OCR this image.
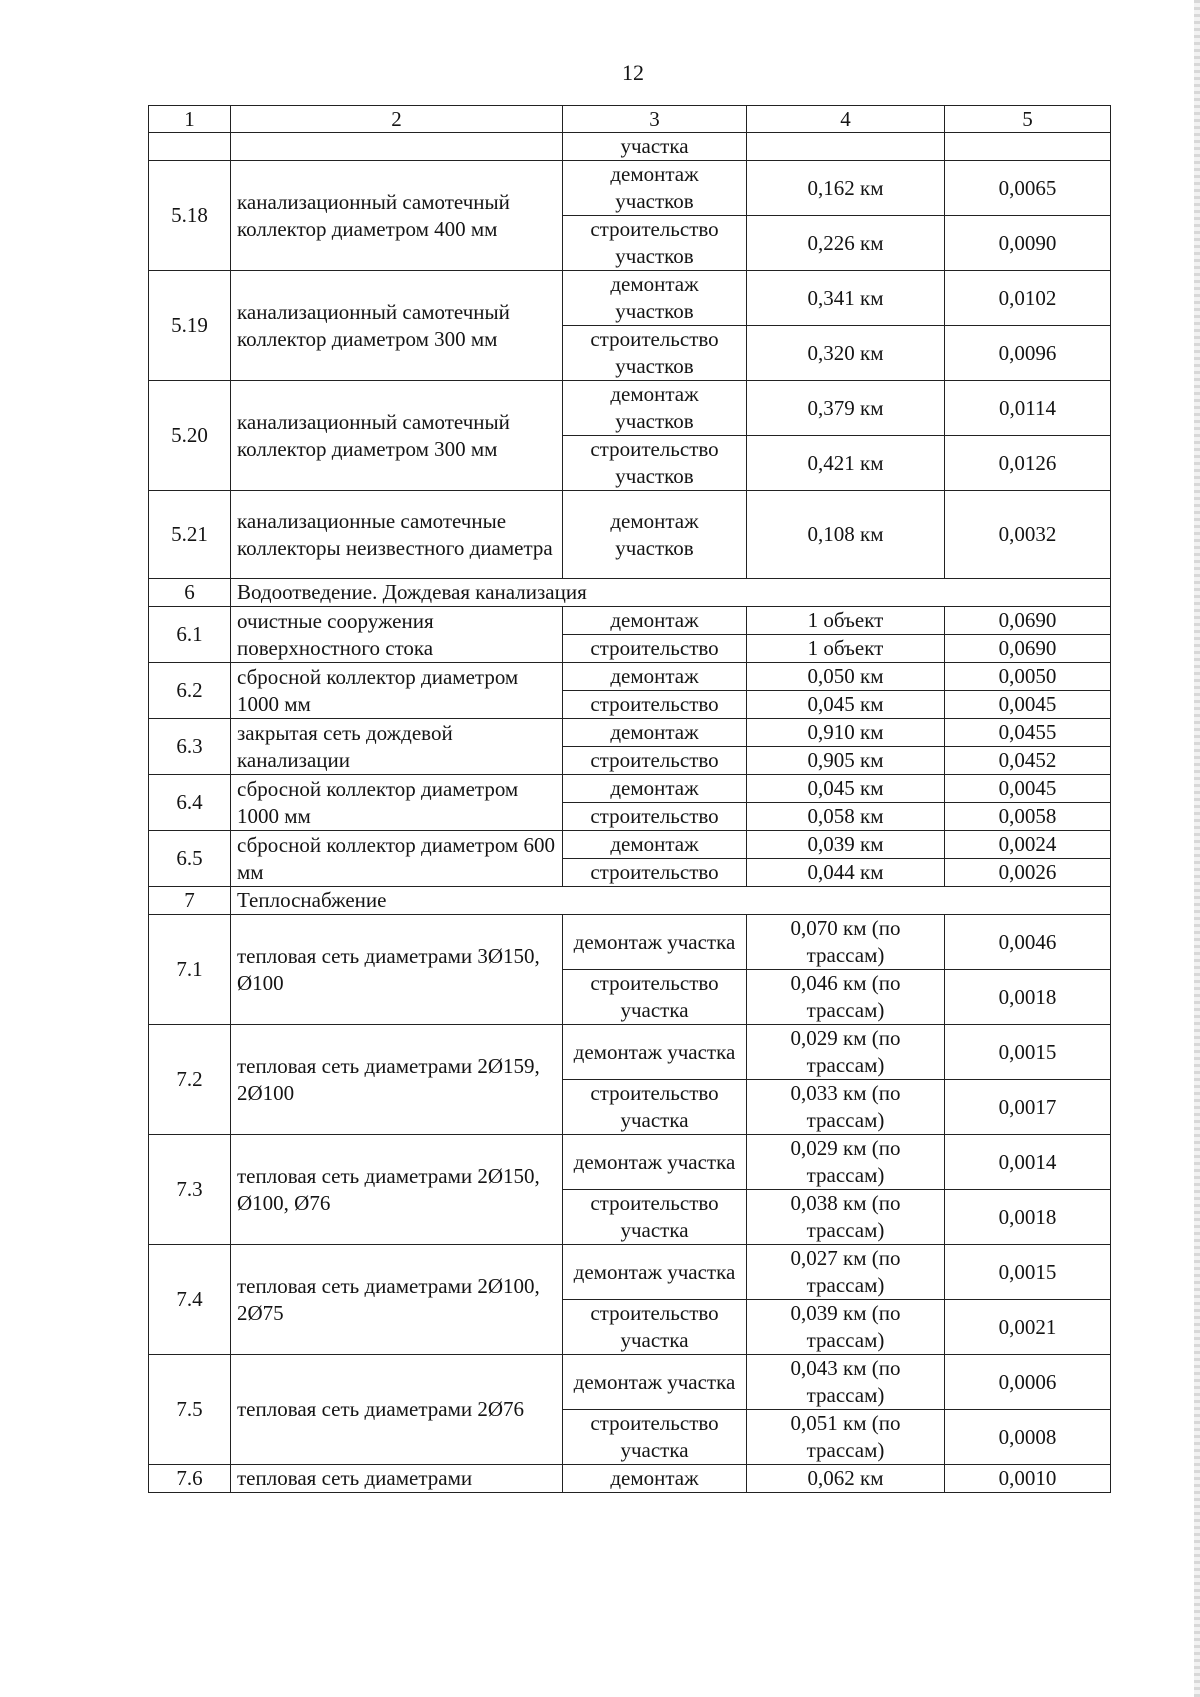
12
1	2	3	4	5
		участка		
5.18	канализационный самотечный коллектор диаметром 400 мм	демонтаж участков	0,162 км	0,0065
		строительство участков	0,226 км	0,0090
5.19	канализационный самотечный коллектор диаметром 300 мм	демонтаж участков	0,341 км	0,0102
		строительство участков	0,320 км	0,0096
5.20	канализационный самотечный коллектор диаметром 300 мм	демонтаж участков	0,379 км	0,0114
		строительство участков	0,421 км	0,0126
5.21	канализационные самотечные коллекторы неизвестного диаметра	демонтаж участков	0,108 км	0,0032
6	Водоотведение. Дождевая канализация			
6.1	очистные сооружения поверхностного стока	демонтаж	1 объект	0,0690
		строительство	1 объект	0,0690
6.2	сбросной коллектор диаметром 1000 мм	демонтаж	0,050 км	0,0050
		строительство	0,045 км	0,0045
6.3	закрытая сеть дождевой канализации	демонтаж	0,910 км	0,0455
		строительство	0,905 км	0,0452
6.4	сбросной коллектор диаметром 1000 мм	демонтаж	0,045 км	0,0045
		строительство	0,058 км	0,0058
6.5	сбросной коллектор диаметром 600 мм	демонтаж	0,039 км	0,0024
		строительство	0,044 км	0,0026
7	Теплоснабжение			
7.1	тепловая сеть диаметрами 3Ø150, Ø100	демонтаж участка	0,070 км (по трассам)	0,0046
		строительство участка	0,046 км (по трассам)	0,0018
7.2	тепловая сеть диаметрами 2Ø159, 2Ø100	демонтаж участка	0,029 км (по трассам)	0,0015
		строительство участка	0,033 км (по трассам)	0,0017
7.3	тепловая сеть диаметрами 2Ø150, Ø100, Ø76	демонтаж участка	0,029 км (по трассам)	0,0014
		строительство участка	0,038 км (по трассам)	0,0018
7.4	тепловая сеть диаметрами 2Ø100, 2Ø75	демонтаж участка	0,027 км (по трассам)	0,0015
		строительство участка	0,039 км (по трассам)	0,0021
7.5	тепловая сеть диаметрами 2Ø76	демонтаж участка	0,043 км (по трассам)	0,0006
		строительство участка	0,051 км (по трассам)	0,0008
7.6	тепловая сеть диаметрами	демонтаж	0,062 км	0,0010
